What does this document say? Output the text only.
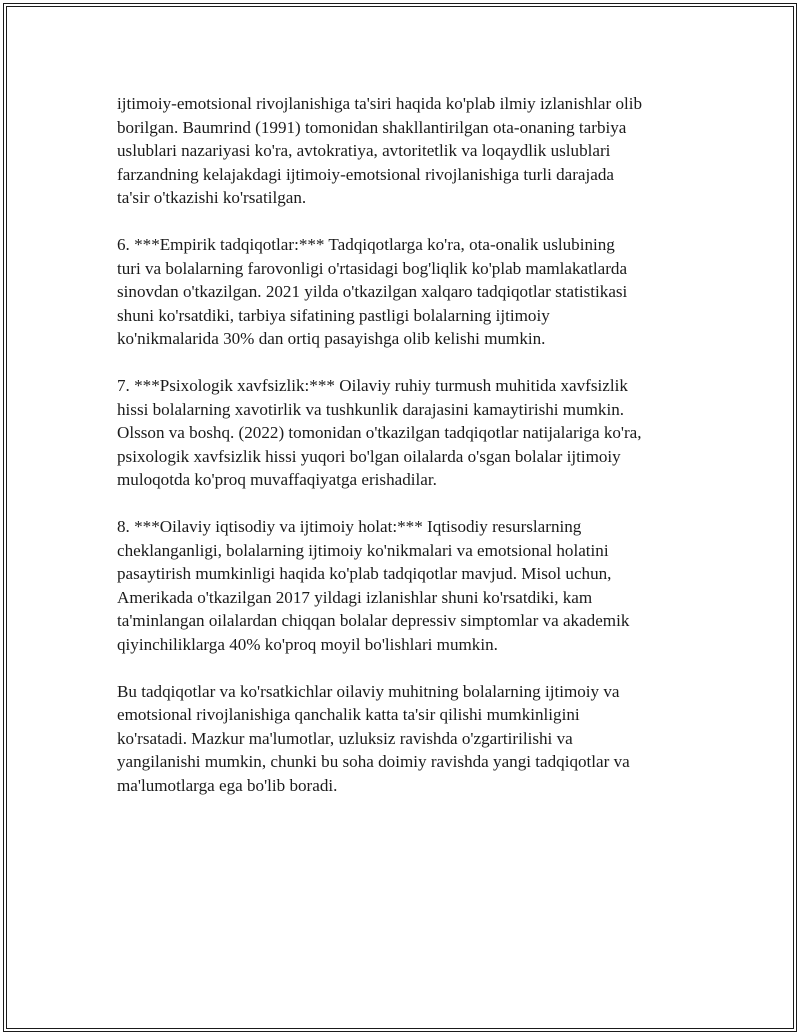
ijtimoiy-emotsional rivojlanishiga ta'siri haqida ko'plab ilmiy izlanishlar olib
borilgan. Baumrind (1991) tomonidan shakllantirilgan ota-onaning tarbiya
uslublari nazariyasi ko'ra, avtokratiya, avtoritetlik va loqaydlik uslublari
farzandning kelajakdagi ijtimoiy-emotsional rivojlanishiga turli darajada
ta'sir o'tkazishi ko'rsatilgan.

6. ***Empirik tadqiqotlar:*** Tadqiqotlarga ko'ra, ota-onalik uslubining
turi va bolalarning farovonligi o'rtasidagi bog'liqlik ko'plab mamlakatlarda
sinovdan o'tkazilgan. 2021 yilda o'tkazilgan xalqaro tadqiqotlar statistikasi
shuni ko'rsatdiki, tarbiya sifatining pastligi bolalarning ijtimoiy
ko'nikmalarida 30% dan ortiq pasayishga olib kelishi mumkin.

7. ***Psixologik xavfsizlik:*** Oilaviy ruhiy turmush muhitida xavfsizlik
hissi bolalarning xavotirlik va tushkunlik darajasini kamaytirishi mumkin.
Olsson va boshq. (2022) tomonidan o'tkazilgan tadqiqotlar natijalariga ko'ra,
psixologik xavfsizlik hissi yuqori bo'lgan oilalarda o'sgan bolalar ijtimoiy
muloqotda ko'proq muvaffaqiyatga erishadilar.

8. ***Oilaviy iqtisodiy va ijtimoiy holat:*** Iqtisodiy resurslarning
cheklanganligi, bolalarning ijtimoiy ko'nikmalari va emotsional holatini
pasaytirish mumkinligi haqida ko'plab tadqiqotlar mavjud. Misol uchun,
Amerikada o'tkazilgan 2017 yildagi izlanishlar shuni ko'rsatdiki, kam
ta'minlangan oilalardan chiqqan bolalar depressiv simptomlar va akademik
qiyinchiliklarga 40% ko'proq moyil bo'lishlari mumkin.

Bu tadqiqotlar va ko'rsatkichlar oilaviy muhitning bolalarning ijtimoiy va
emotsional rivojlanishiga qanchalik katta ta'sir qilishi mumkinligini
ko'rsatadi. Mazkur ma'lumotlar, uzluksiz ravishda o'zgartirilishi va
yangilanishi mumkin, chunki bu soha doimiy ravishda yangi tadqiqotlar va
ma'lumotlarga ega bo'lib boradi.
